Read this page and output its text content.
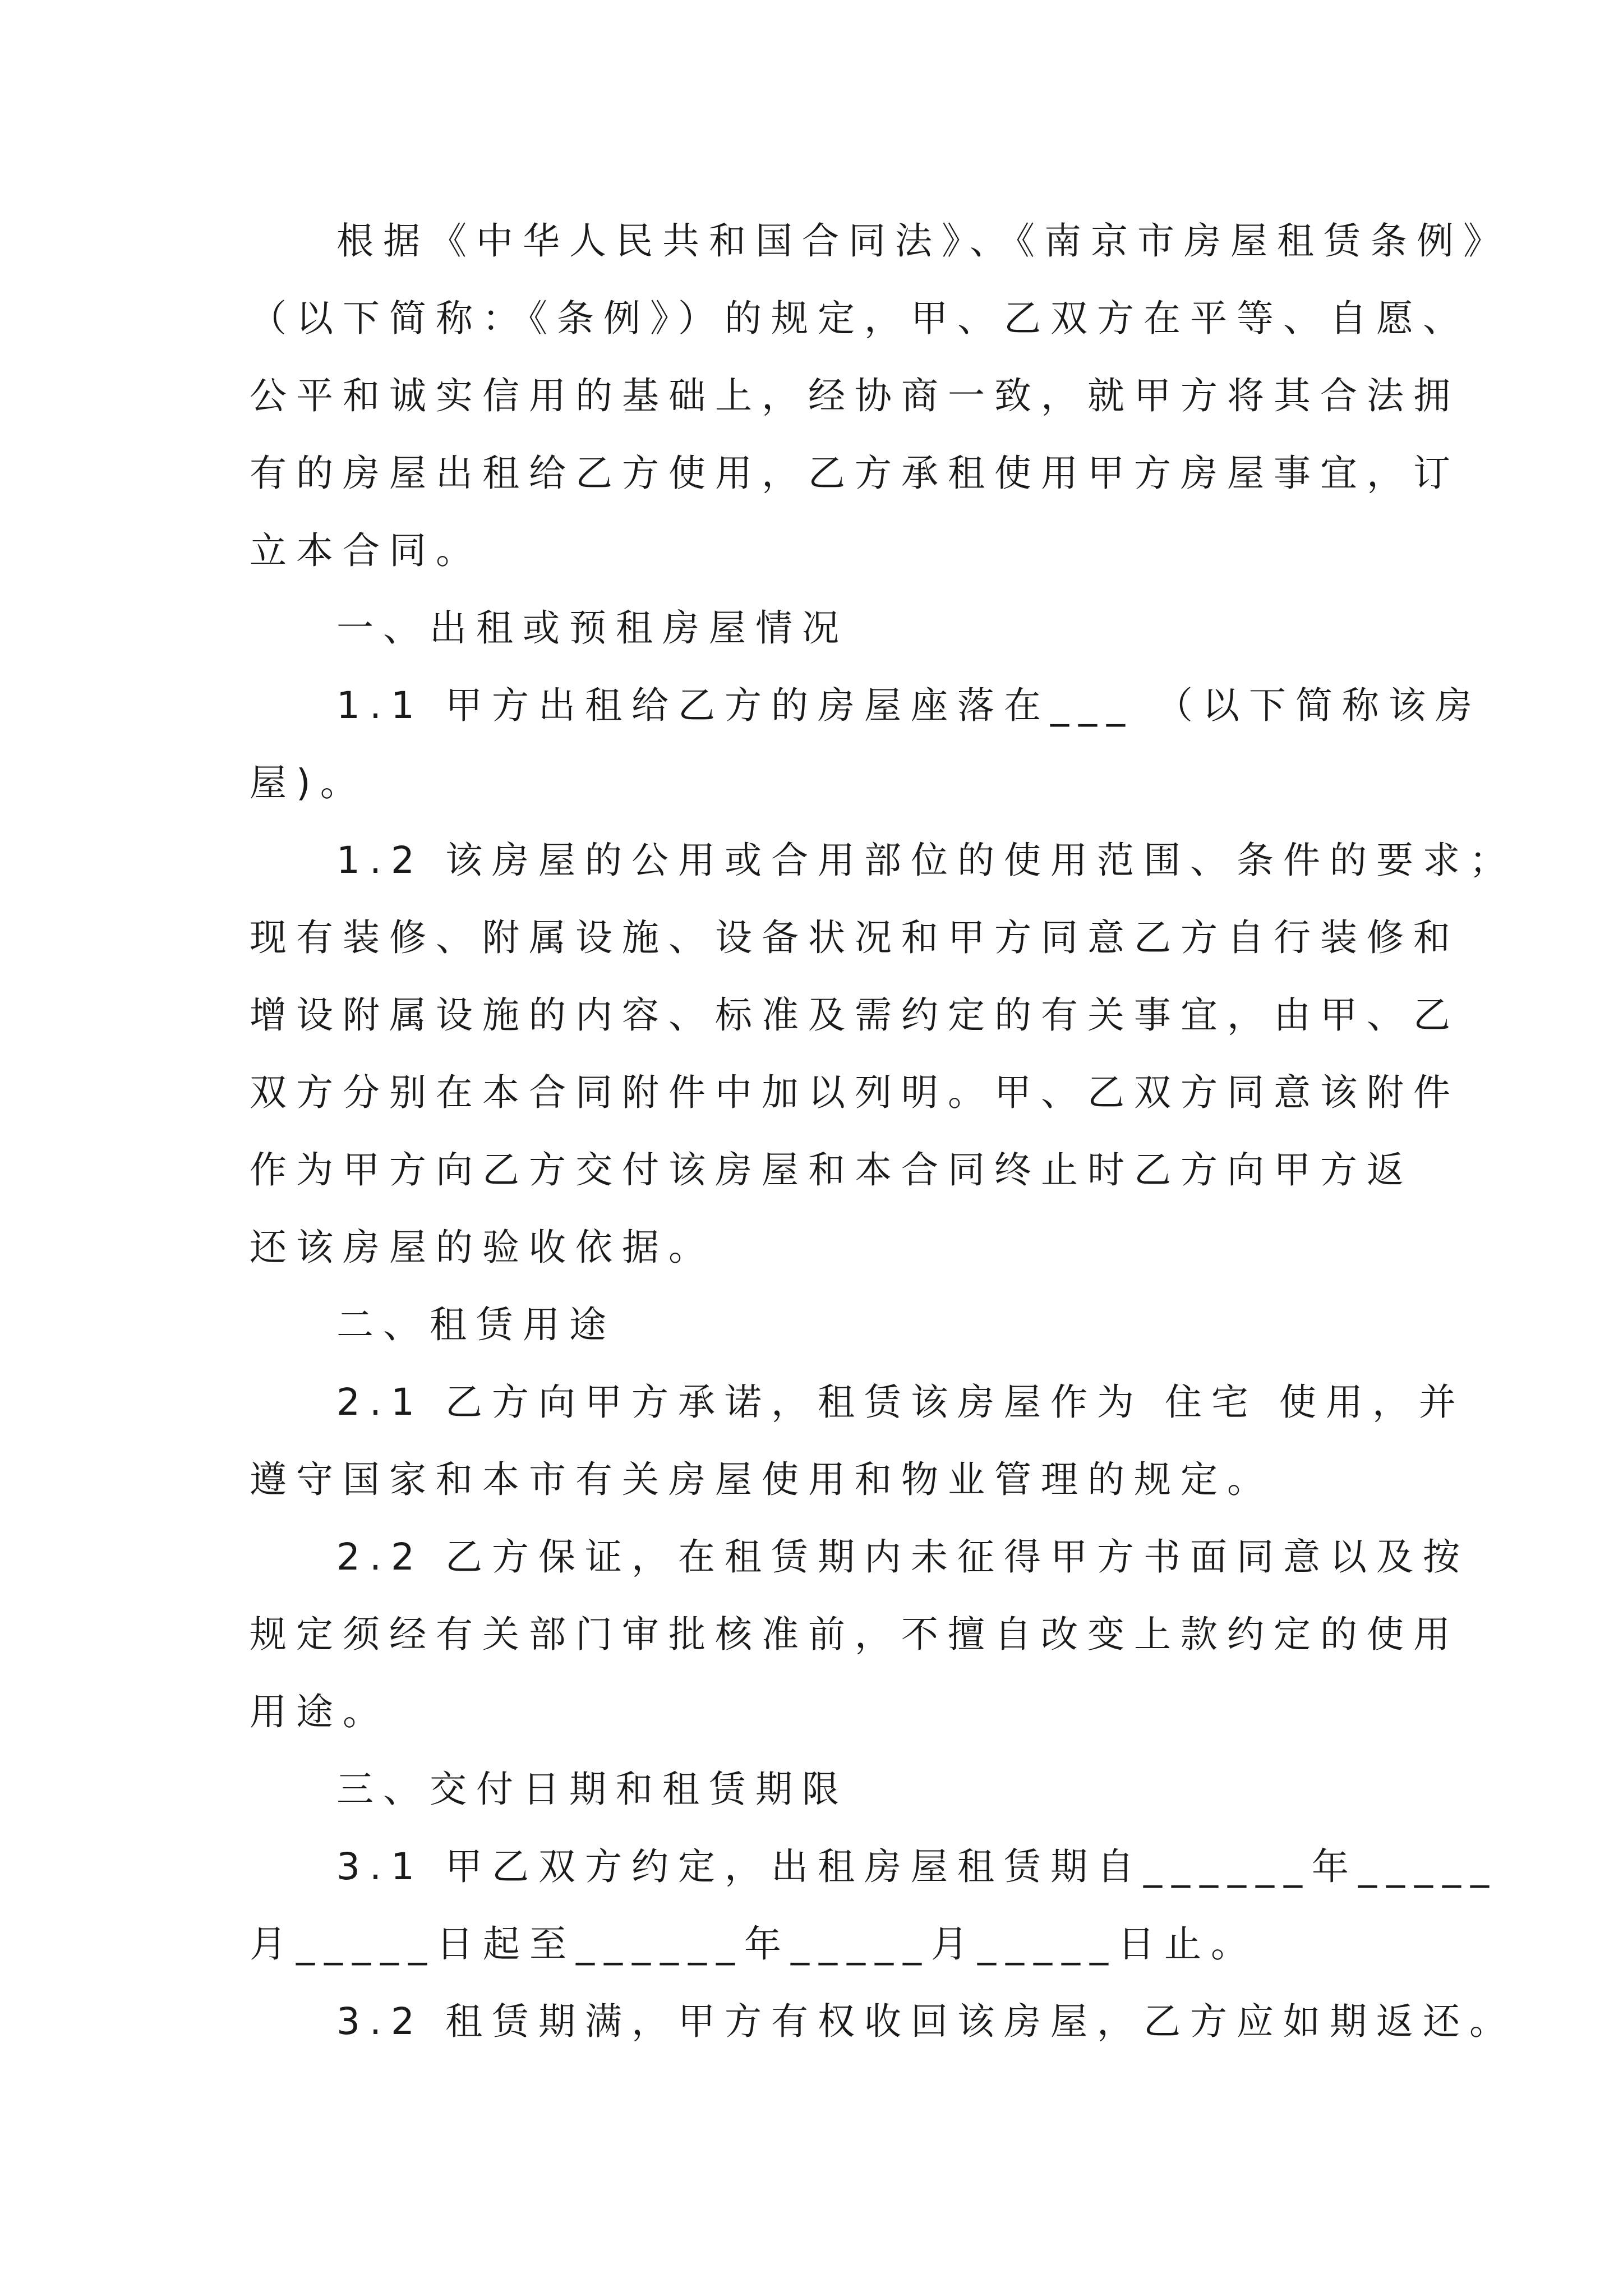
根据《中华人民共和国合同法》、《南京市房屋租赁条例》

（以下简称：《条例》）的规定，甲、乙双方在平等、自愿、

公平和诚实信用的基础上，经协商一致，就甲方将其合法拥

有的房屋出租给乙方使用，乙方承租使用甲方房屋事宜，订

立本合同。

一、出租或预租房屋情况

1.1 甲方出租给乙方的房屋座落在___ （以下简称该房

屋)。

1.2 该房屋的公用或合用部位的使用范围、条件的要求；

现有装修、附属设施、设备状况和甲方同意乙方自行装修和

增设附属设施的内容、标准及需约定的有关事宜，由甲、乙

双方分别在本合同附件中加以列明。甲、乙双方同意该附件

作为甲方向乙方交付该房屋和本合同终止时乙方向甲方返

还该房屋的验收依据。

二、租赁用途

2.1 乙方向甲方承诺，租赁该房屋作为 住宅 使用，并

遵守国家和本市有关房屋使用和物业管理的规定。

2.2 乙方保证，在租赁期内未征得甲方书面同意以及按

规定须经有关部门审批核准前，不擅自改变上款约定的使用

用途。

三、交付日期和租赁期限

3.1 甲乙双方约定，出租房屋租赁期自______年_____

月_____日起至______年_____月_____日止。

3.2 租赁期满，甲方有权收回该房屋，乙方应如期返还。
